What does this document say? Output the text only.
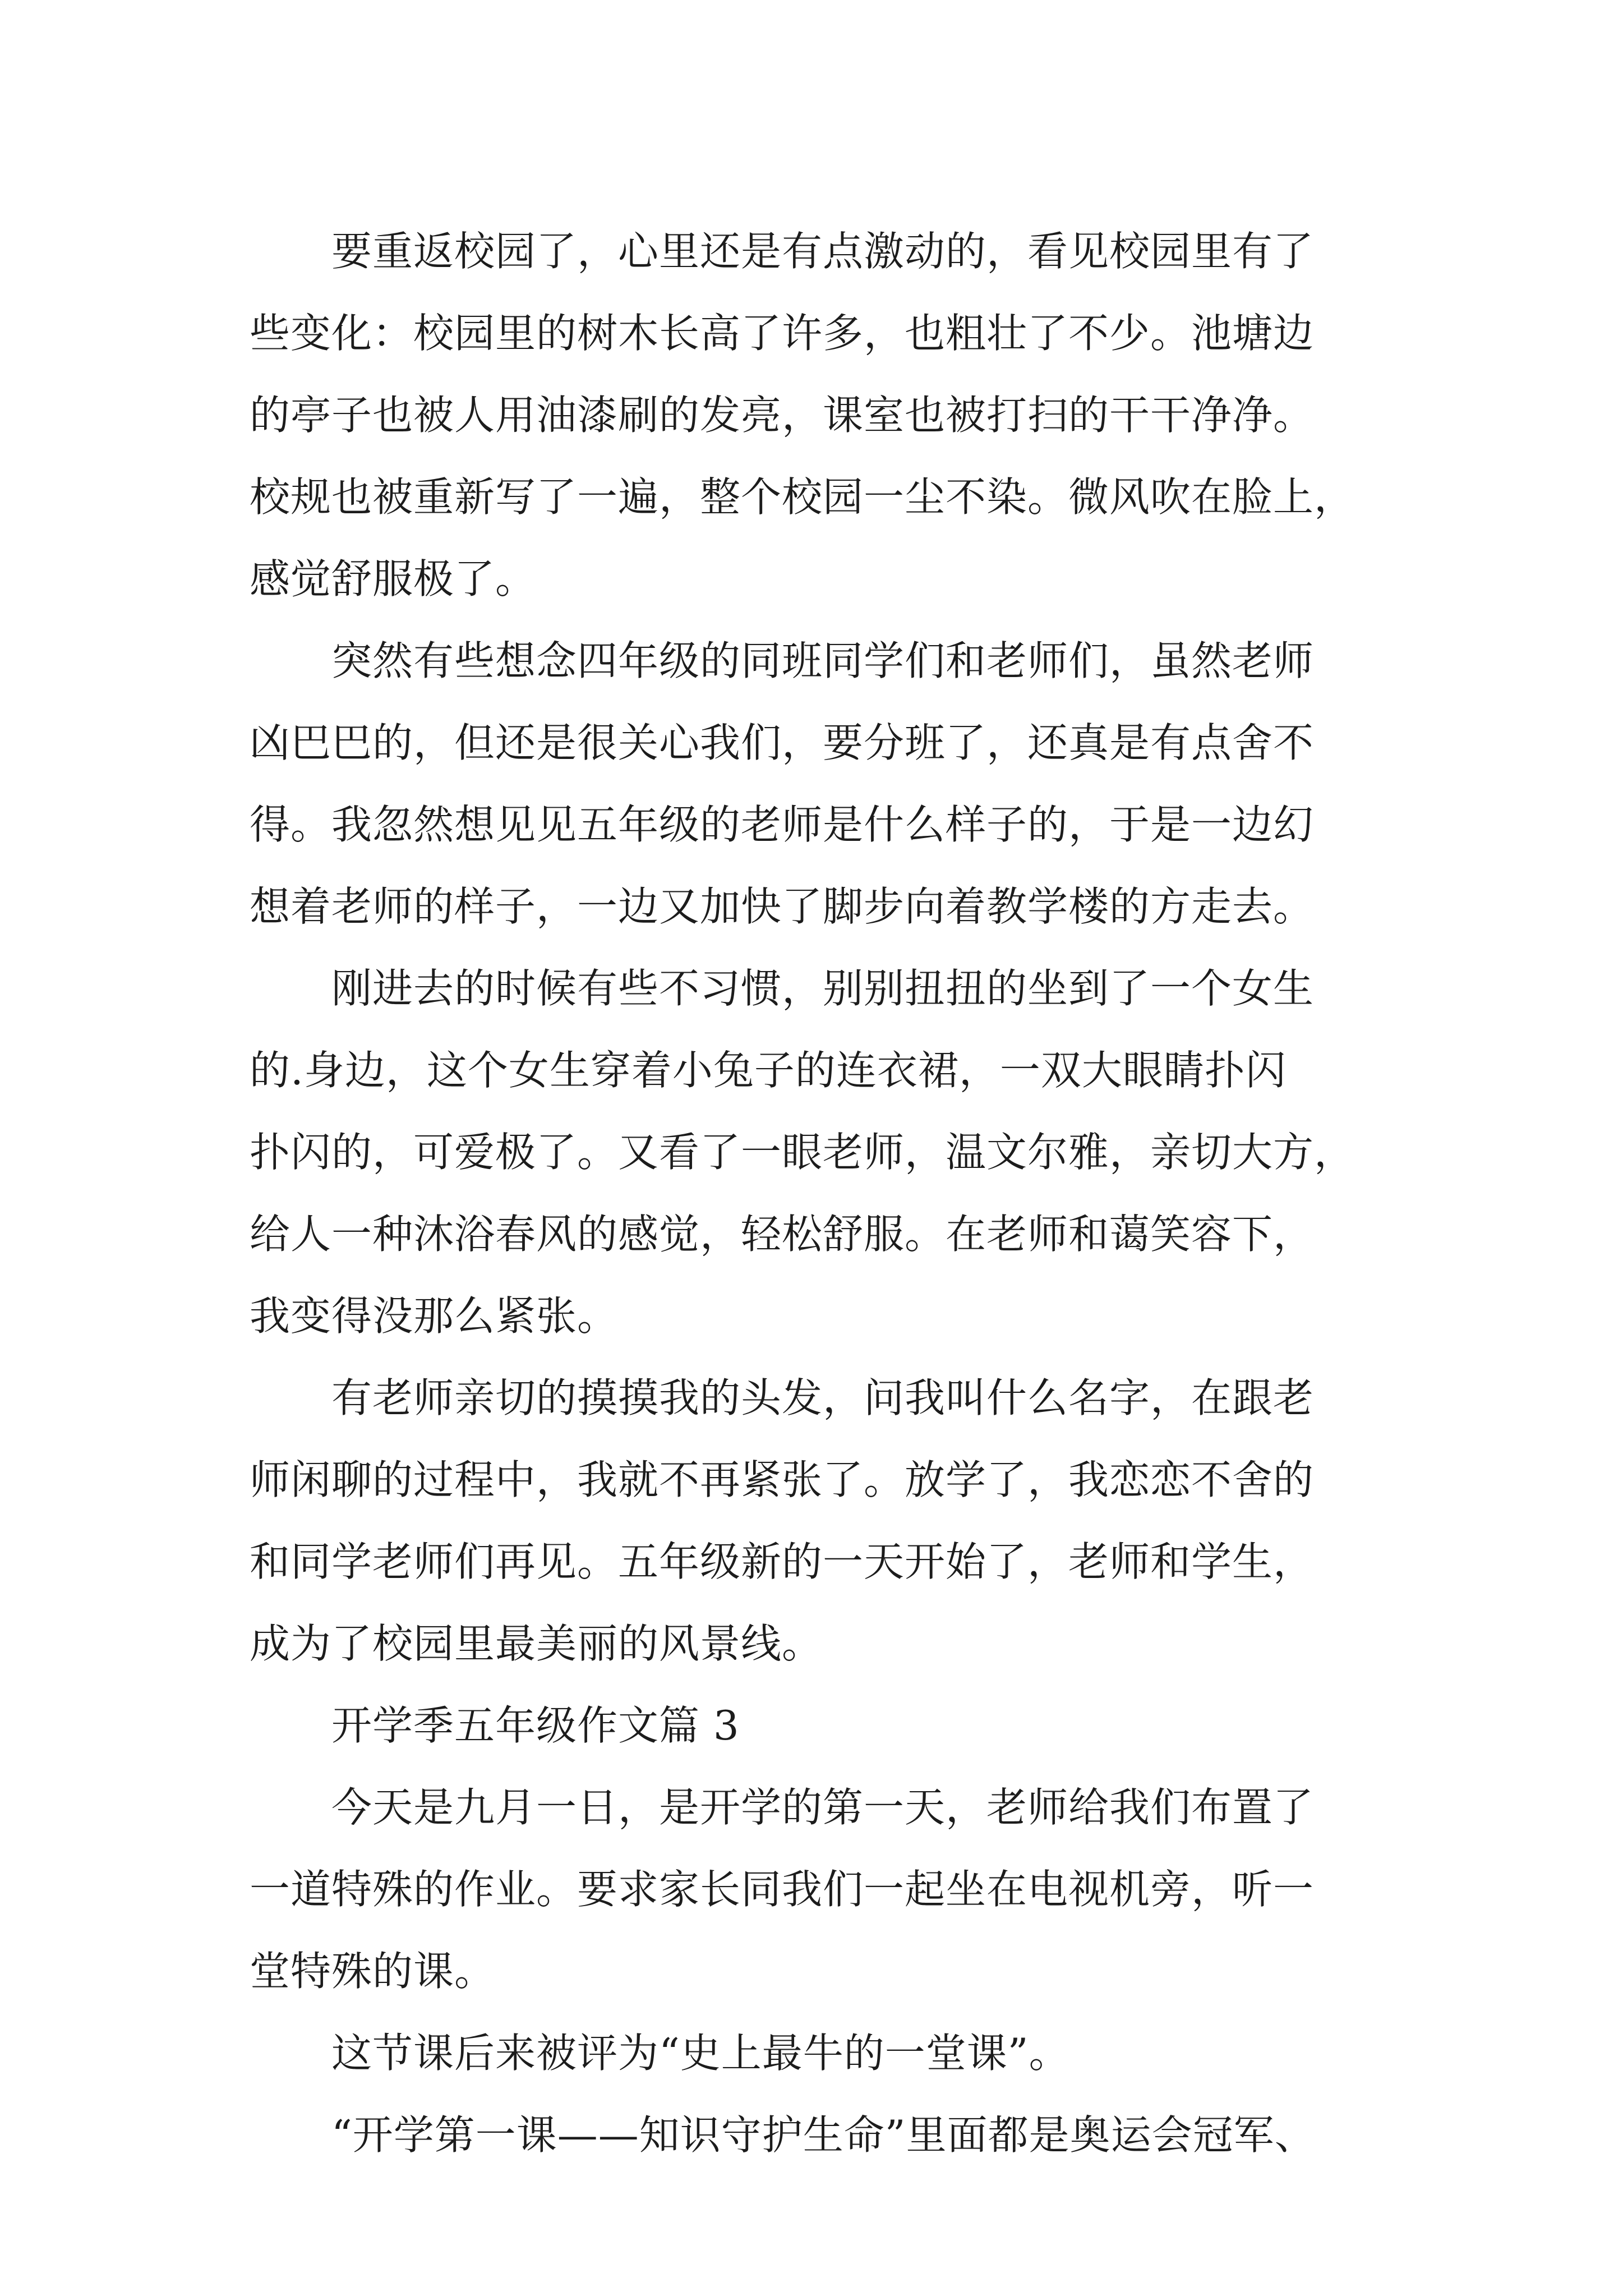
要重返校园了，心里还是有点激动的，看见校园里有了
些变化：校园里的树木长高了许多，也粗壮了不少。池塘边
的亭子也被人用油漆刷的发亮，课室也被打扫的干干净净。
校规也被重新写了一遍，整个校园一尘不染。微风吹在脸上，
感觉舒服极了。
突然有些想念四年级的同班同学们和老师们，虽然老师
凶巴巴的，但还是很关心我们，要分班了，还真是有点舍不
得。我忽然想见见五年级的老师是什么样子的，于是一边幻
想着老师的样子，一边又加快了脚步向着教学楼的方走去。
刚进去的时候有些不习惯，别别扭扭的坐到了一个女生
的.身边，这个女生穿着小兔子的连衣裙，一双大眼睛扑闪
扑闪的，可爱极了。又看了一眼老师，温文尔雅，亲切大方，
给人一种沐浴春风的感觉，轻松舒服。在老师和蔼笑容下，
我变得没那么紧张。
有老师亲切的摸摸我的头发，问我叫什么名字，在跟老
师闲聊的过程中，我就不再紧张了。放学了，我恋恋不舍的
和同学老师们再见。五年级新的一天开始了，老师和学生，
成为了校园里最美丽的风景线。
开学季五年级作文篇 3
今天是九月一日，是开学的第一天，老师给我们布置了
一道特殊的作业。要求家长同我们一起坐在电视机旁，听一
堂特殊的课。
这节课后来被评为“史上最牛的一堂课”。
“开学第一课——知识守护生命”里面都是奥运会冠军、
